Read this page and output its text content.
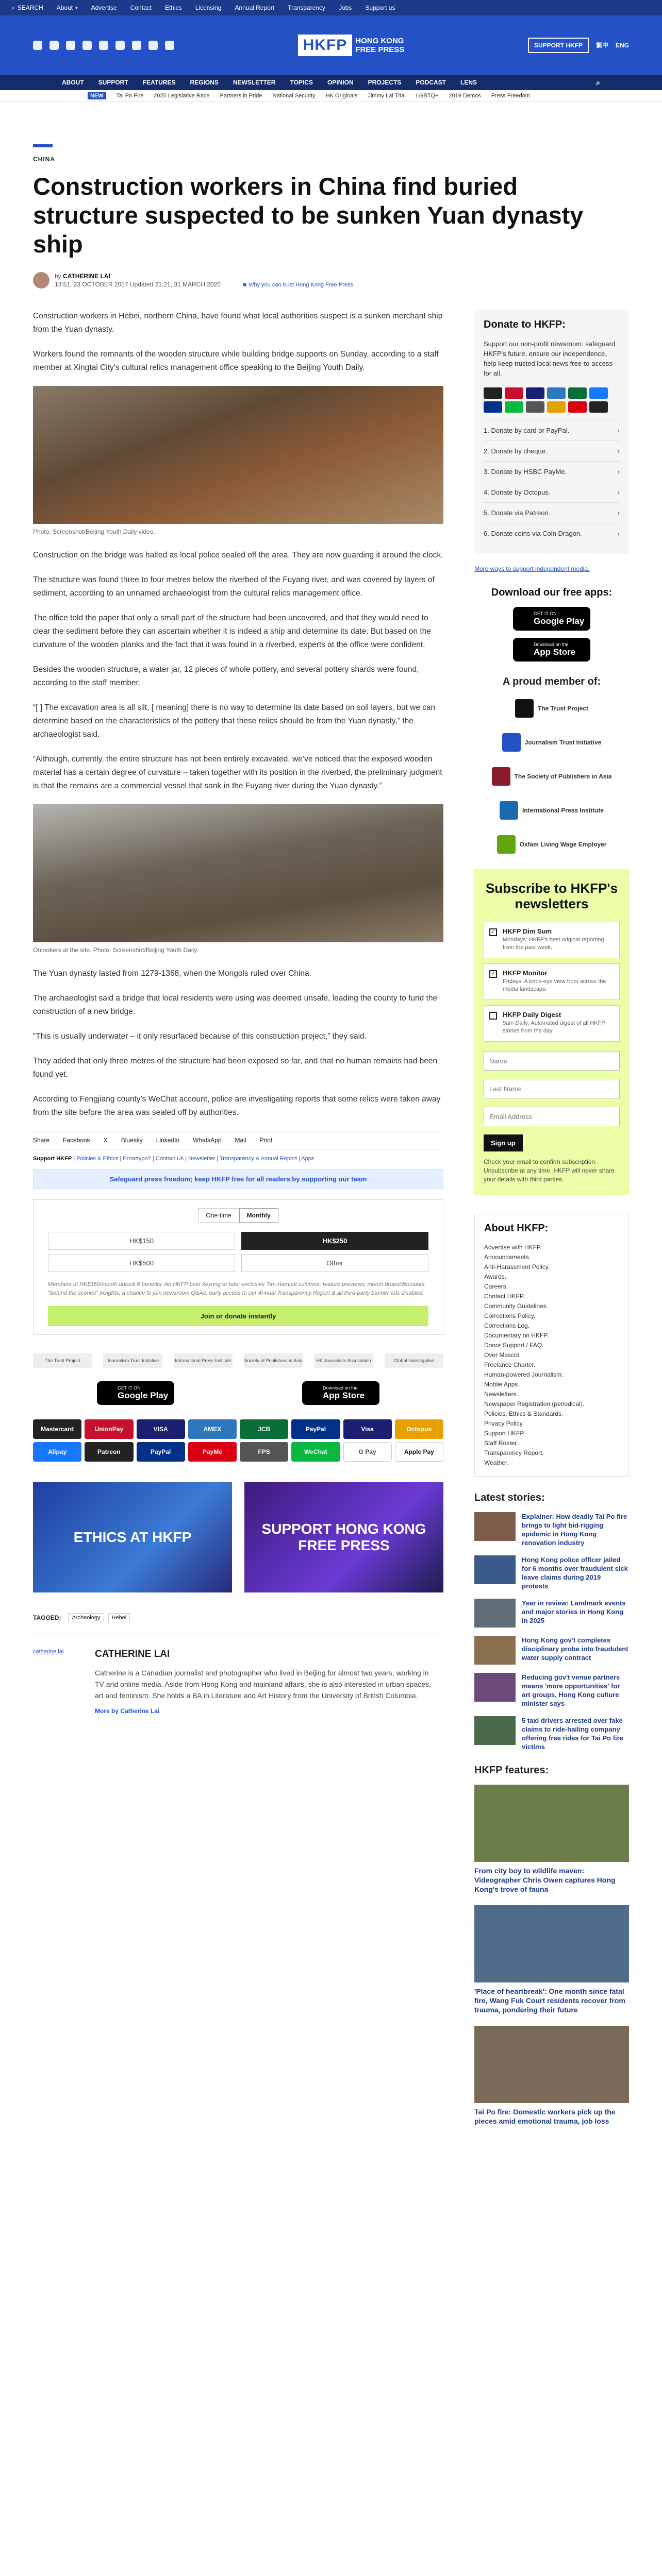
⌕ SEARCH About ▾ Advertise Contact Ethics Licensing Annual Report Transparency Jobs Support us
HKFP	HONG KONG
FREE PRESS	SUPPORT HKFP	繁中 ENG
ABOUT SUPPORT FEATURES REGIONS NEWSLETTER TOPICS OPINION PROJECTS PODCAST LENS	⌕
NEW	Tai Po Fire 2025 Legislative Race Partners in Pride National Security HK Originals Jimmy Lai Trial LGBTQ+ 2019 Demos Press Freedom
CHINA
Construction workers in China find buried structure suspected to be sunken Yuan dynasty ship
by CATHERINE LAI
13:51, 23 OCTOBER 2017 Updated 21:21, 31 MARCH 2020	■ Why you can trust Hong Kong Free Press

Construction workers in Hebei, northern China, have found what local authorities suspect is a sunken merchant ship from the Yuan dynasty.

Workers found the remnants of the wooden structure while building bridge supports on Sunday, according to a staff member at Xingtai City's cultural relics management office speaking to the Beijing Youth Daily.

Photo: Screenshot/Beijing Youth Daily video.

Construction on the bridge was halted as local police sealed off the area. They are now guarding it around the clock.

The structure was found three to four metres below the riverbed of the Fuyang river, and was covered by layers of sediment, according to an unnamed archaeologist from the cultural relics management office.

The office told the paper that only a small part of the structure had been uncovered, and that they would need to clear the sediment before they can ascertain whether it is indeed a ship and determine its date. But based on the curvature of the wooden planks and the fact that it was found in a riverbed, experts at the office were confident.

Besides the wooden structure, a water jar, 12 pieces of whole pottery, and several pottery shards were found, according to the staff member.

“[ ] The excavation area is all silt, [ meaning] there is no way to determine its date based on soil layers, but we can determine based on the characteristics of the pottery that these relics should be from the Yuan dynasty,” the archaeologist said.

“Although, currently, the entire structure has not been entirely excavated, we’ve noticed that the exposed wooden material has a certain degree of curvature – taken together with its position in the riverbed, the preliminary judgment is that the remains are a commercial vessel that sank in the Fuyang river during the Yuan dynasty.”

Onlookers at the site. Photo: Screenshot/Beijing Youth Daily.

The Yuan dynasty lasted from 1279-1368, when the Mongols ruled over China.

The archaeologist said a bridge that local residents were using was deemed unsafe, leading the county to fund the construction of a new bridge.

“This is usually underwater – it only resurfaced because of this construction project,” they said.

They added that only three metres of the structure had been exposed so far, and that no human remains had been found yet.

According to Fengjiang county’s WeChat account, police are investigating reports that some relics were taken away from the site before the area was sealed off by authorities.

Share Facebook X Bluesky LinkedIn WhatsApp Mail Print
Support HKFP | Policies & Ethics | Error/typo? | Contact Us | Newsletter | Transparency & Annual Report | Apps
Safeguard press freedom; keep HKFP free for all readers by supporting our team
One-time	Monthly
HK$150	HK$250
HK$500	Other

Members of HK$150/month unlock 6 benefits: An HKFP beer keyring or tote; exclusive Tim Hamlett columns; feature previews; merch drops/discounts; "behind the scenes" insights; a chance to join newsroom Q&As; early access to our Annual Transparency Report & all third-party banner ads disabled.

Join or donate instantly
The Trust Project	Journalism Trust Initiative	International Press Institute	Society of Publishers in Asia	HK Journalists Association	Global Investigative
GET IT ON
Google Play
Download on the
App Store
Mastercard	UnionPay	VISA	AMEX	JCB	PayPal	Visa	Octopus
Alipay	Patreon	PayPal	PayMe	FPS	WeChat	G Pay	Apple Pay
ETHICS AT HKFP
SUPPORT HONG KONG FREE PRESS
TAGGED:	Archeology	Hebei
catherine lai	CATHERINE LAI

Catherine is a Canadian journalist and photographer who lived in Beijing for almost two years, working in TV and online media. Aside from Hong Kong and mainland affairs, she is also interested in urban spaces, art and feminism. She holds a BA in Literature and Art History from the University of British Columbia.

More by Catherine Lai
Donate to HKFP:

Support our non-profit newsroom: safeguard HKFP's future, ensure our independence, help keep trusted local news free-to-access for all.

1. Donate by card or PayPal.	›
2. Donate by cheque.	›
3. Donate by HSBC PayMe.	›
4. Donate by Octopus.	›
5. Donate via Patreon.	›
6. Donate coins via Coin Dragon.	›
More ways to support independent media.
Download our free apps:
GET IT ON
Google Play
Download on the
App Store
A proud member of:
The Trust Project
Journalism Trust Initiative
The Society of Publishers in Asia
International Press Institute
Oxfam Living Wage Employer
Subscribe to HKFP's newsletters
✓ HKFP Dim Sum
Mondays: HKFP's best original reporting from the past week.
✓ HKFP Monitor
Fridays: A birds-eye view from across the media landscape.
HKFP Daily Digest
9am Daily: Automated digest of all HKFP stories from the day.
Name Last Name Email Address Sign up

Check your email to confirm subscription. Unsubscribe at any time. HKFP will never share your details with third parties.

About HKFP:
Advertise with HKFP.
Announcements.
Anti-Harassment Policy.
Awards.
Careers.
Contact HKFP.
Community Guidelines.
Corrections Policy.
Corrections Log.
Documentary on HKFP.
Donor Support / FAQ.
Over Mascot.
Freelance Charter.
Human-powered Journalism.
Mobile Apps.
Newsletters.
Newspaper Registration (periodical).
Policies, Ethics & Standards.
Privacy Policy.
Support HKFP.
Staff Roster.
Transparency Report.
Weather.
Latest stories:
Explainer: How deadly Tai Po fire brings to light bid-rigging epidemic in Hong Kong renovation industry
Hong Kong police officer jailed for 6 months over fraudulent sick leave claims during 2019 protests
Year in review: Landmark events and major stories in Hong Kong in 2025
Hong Kong gov't completes disciplinary probe into fraudulent water supply contract
Reducing gov't venue partners means 'more opportunities' for art groups, Hong Kong culture minister says
5 taxi drivers arrested over fake claims to ride-hailing company offering free rides for Tai Po fire victims
HKFP features:
From city boy to wildlife maven: Videographer Chris Owen captures Hong Kong's trove of fauna
'Place of heartbreak': One month since fatal fire, Wang Fuk Court residents recover from trauma, pondering their future
Tai Po fire: Domestic workers pick up the pieces amid emotional trauma, job loss
